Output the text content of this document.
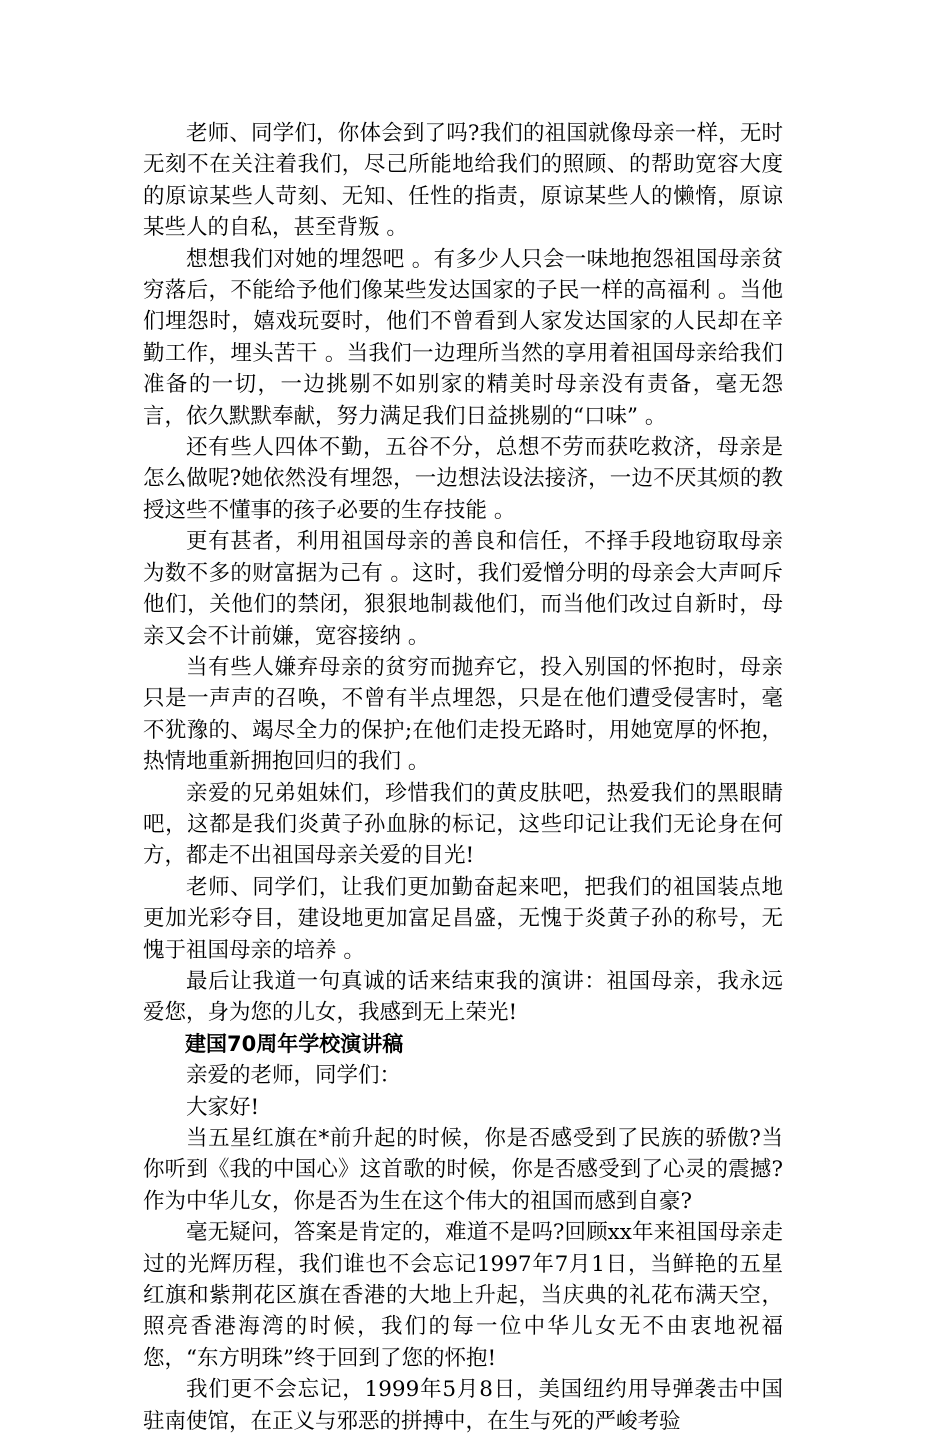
老师、同学们，你体会到了吗?我们的祖国就像母亲一样，无时无刻不在关注着我们，尽己所能地给我们的照顾、的帮助宽容大度的原谅某些人苛刻、无知、任性的指责，原谅某些人的懒惰，原谅某些人的自私，甚至背叛 。

想想我们对她的埋怨吧 。有多少人只会一味地抱怨祖国母亲贫穷落后，不能给予他们像某些发达国家的子民一样的高福利 。当他们埋怨时，嬉戏玩耍时，他们不曾看到人家发达国家的人民却在辛勤工作，埋头苦干 。当我们一边理所当然的享用着祖国母亲给我们准备的一切，一边挑剔不如别家的精美时母亲没有责备，毫无怨言，依久默默奉献，努力满足我们日益挑剔的“口味” 。

还有些人四体不勤，五谷不分，总想不劳而获吃救济，母亲是怎么做呢?她依然没有埋怨，一边想法设法接济，一边不厌其烦的教授这些不懂事的孩子必要的生存技能 。

更有甚者，利用祖国母亲的善良和信任，不择手段地窃取母亲为数不多的财富据为己有 。这时，我们爱憎分明的母亲会大声呵斥他们，关他们的禁闭，狠狠地制裁他们，而当他们改过自新时，母亲又会不计前嫌，宽容接纳 。

当有些人嫌弃母亲的贫穷而抛弃它，投入别国的怀抱时，母亲只是一声声的召唤，不曾有半点埋怨，只是在他们遭受侵害时，毫不犹豫的、竭尽全力的保护;在他们走投无路时，用她宽厚的怀抱，热情地重新拥抱回归的我们 。

亲爱的兄弟姐妹们，珍惜我们的黄皮肤吧，热爱我们的黑眼睛吧，这都是我们炎黄子孙血脉的标记，这些印记让我们无论身在何方，都走不出祖国母亲关爱的目光!

老师、同学们，让我们更加勤奋起来吧，把我们的祖国装点地更加光彩夺目，建设地更加富足昌盛，无愧于炎黄子孙的称号，无愧于祖国母亲的培养 。

最后让我道一句真诚的话来结束我的演讲：祖国母亲，我永远爱您，身为您的儿女，我感到无上荣光!

建国70周年学校演讲稿

亲爱的老师，同学们：

大家好!

当五星红旗在*前升起的时候，你是否感受到了民族的骄傲?当你听到《我的中国心》这首歌的时候，你是否感受到了心灵的震撼?作为中华儿女，你是否为生在这个伟大的祖国而感到自豪?

毫无疑问，答案是肯定的，难道不是吗?回顾xx年来祖国母亲走过的光辉历程，我们谁也不会忘记1997年7月1日，当鲜艳的五星红旗和紫荆花区旗在香港的大地上升起，当庆典的礼花布满天空，照亮香港海湾的时候，我们的每一位中华儿女无不由衷地祝福您，“东方明珠”终于回到了您的怀抱!

我们更不会忘记，1999年5月8日，美国纽约用导弹袭击中国驻南使馆，在正义与邪恶的拼搏中，在生与死的严峻考验
